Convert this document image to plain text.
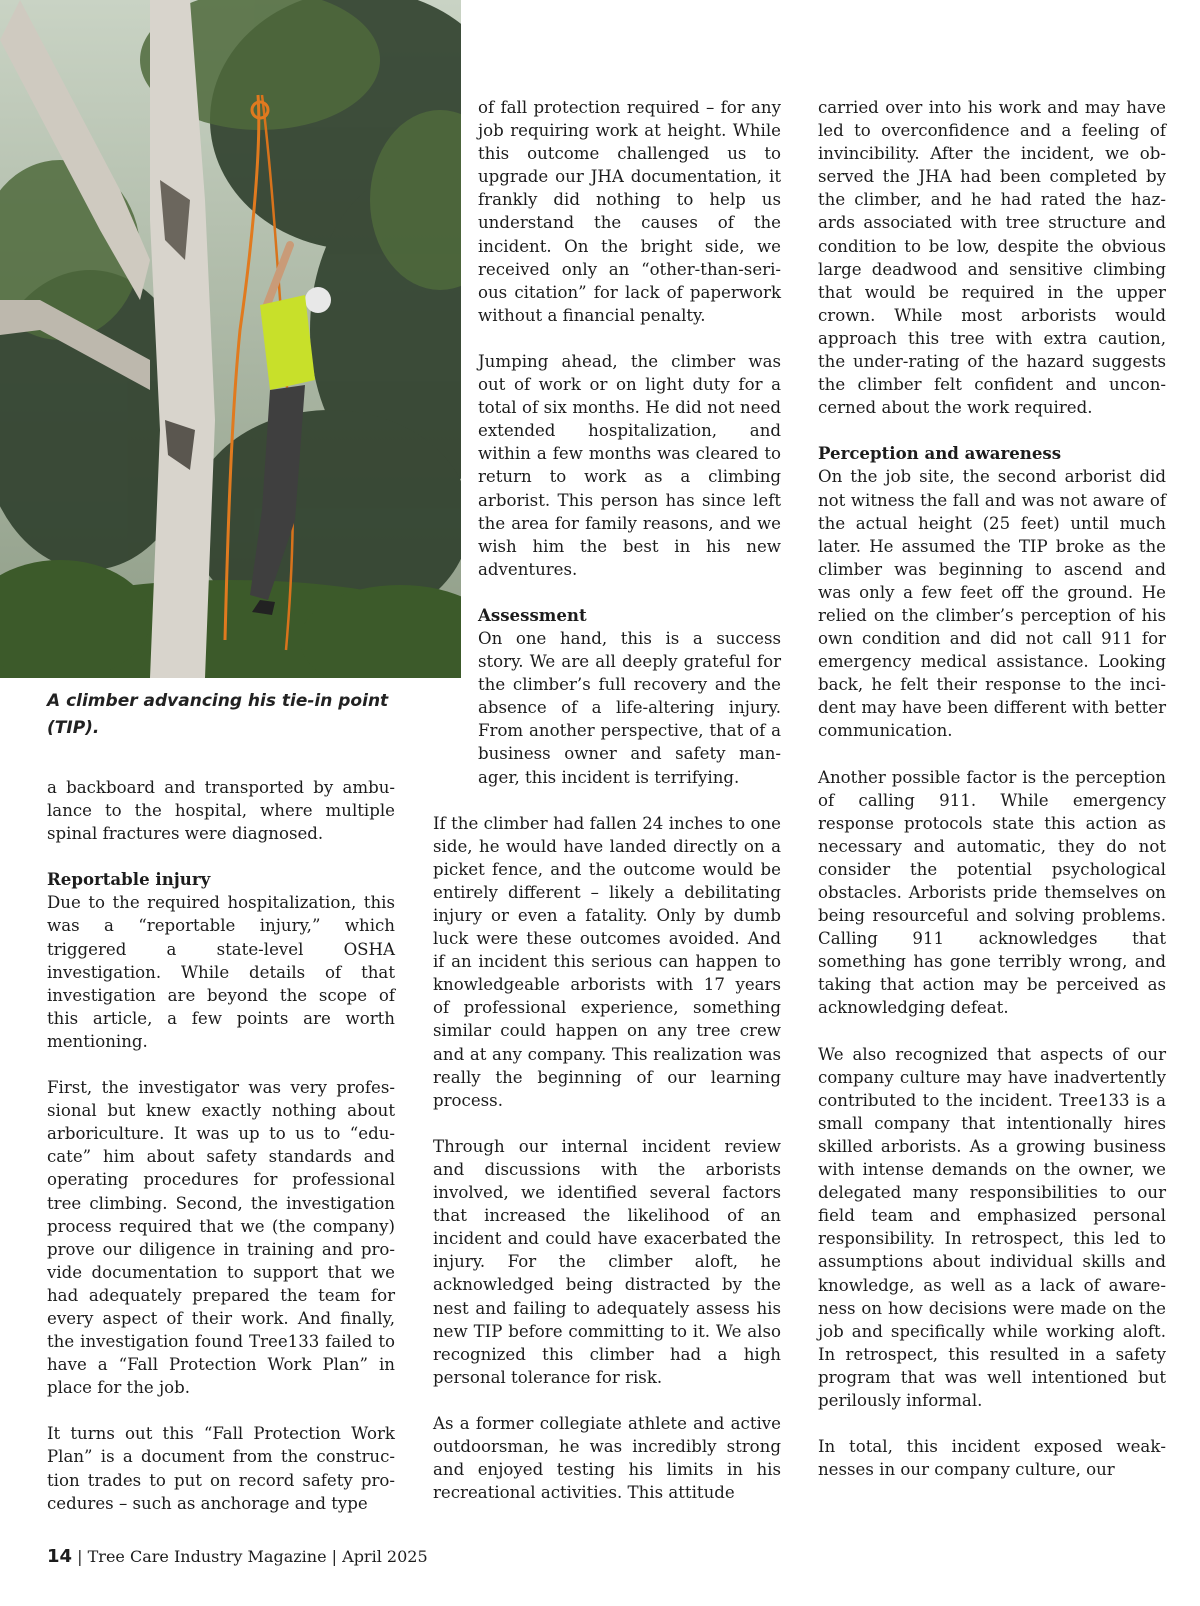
A climber advancing his tie-in point (TIP).

a backboard and transported by ambulance to the hospital, where multiple spinal fractures were diagnosed.

Reportable injury

Due to the required hospitalization, this was a “reportable injury,” which triggered a state-level OSHA investigation. While details of that investigation are beyond the scope of this article, a few points are worth mentioning.

First, the investigator was very professional but knew exactly nothing about arboriculture. It was up to us to “educate” him about safety standards and operating procedures for professional tree climbing. Second, the investigation process required that we (the company) prove our diligence in training and provide documentation to support that we had adequately prepared the team for every aspect of their work. And finally, the investigation found Tree133 failed to have a “Fall Protection Work Plan” in place for the job.

It turns out this “Fall Protection Work Plan” is a document from the construction trades to put on record safety procedures – such as anchorage and type

of fall protection required – for any job requiring work at height. While this outcome challenged us to upgrade our JHA documentation, it frankly did nothing to help us understand the causes of the incident. On the bright side, we received only an “other-than-serious citation” for lack of paperwork without a financial penalty.

Jumping ahead, the climber was out of work or on light duty for a total of six months. He did not need extended hospitalization, and within a few months was cleared to return to work as a climbing arborist. This person has since left the area for family reasons, and we wish him the best in his new adventures.

Assessment

On one hand, this is a success story. We are all deeply grateful for the climber’s full recovery and the absence of a life-altering injury. From another perspective, that of a business owner and safety manager, this incident is terrifying.

If the climber had fallen 24 inches to one side, he would have landed directly on a picket fence, and the outcome would be entirely different – likely a debilitating injury or even a fatality. Only by dumb luck were these outcomes avoided. And if an incident this serious can happen to knowledgeable arborists with 17 years of professional experience, something similar could happen on any tree crew and at any company. This realization was really the beginning of our learning process.

Through our internal incident review and discussions with the arborists involved, we identified several factors that increased the likelihood of an incident and could have exacerbated the injury. For the climber aloft, he acknowledged being distracted by the nest and failing to adequately assess his new TIP before committing to it. We also recognized this climber had a high personal tolerance for risk.

As a former collegiate athlete and active outdoorsman, he was incredibly strong and enjoyed testing his limits in his recreational activities. This attitude

carried over into his work and may have led to overconfidence and a feeling of invincibility. After the incident, we observed the JHA had been completed by the climber, and he had rated the hazards associated with tree structure and condition to be low, despite the obvious large deadwood and sensitive climbing that would be required in the upper crown. While most arborists would approach this tree with extra caution, the under-rating of the hazard suggests the climber felt confident and unconcerned about the work required.

Perception and awareness

On the job site, the second arborist did not witness the fall and was not aware of the actual height (25 feet) until much later. He assumed the TIP broke as the climber was beginning to ascend and was only a few feet off the ground. He relied on the climber’s perception of his own condition and did not call 911 for emergency medical assistance. Looking back, he felt their response to the incident may have been different with better communication.

Another possible factor is the perception of calling 911. While emergency response protocols state this action as necessary and automatic, they do not consider the potential psychological obstacles. Arborists pride themselves on being resourceful and solving problems. Calling 911 acknowledges that something has gone terribly wrong, and taking that action may be perceived as acknowledging defeat.

We also recognized that aspects of our company culture may have inadvertently contributed to the incident. Tree133 is a small company that intentionally hires skilled arborists. As a growing business with intense demands on the owner, we delegated many responsibilities to our field team and emphasized personal responsibility. In retrospect, this led to assumptions about individual skills and knowledge, as well as a lack of awareness on how decisions were made on the job and specifically while working aloft. In retrospect, this resulted in a safety program that was well intentioned but perilously informal.

In total, this incident exposed weaknesses in our company culture, our

14 | Tree Care Industry Magazine | April 2025
